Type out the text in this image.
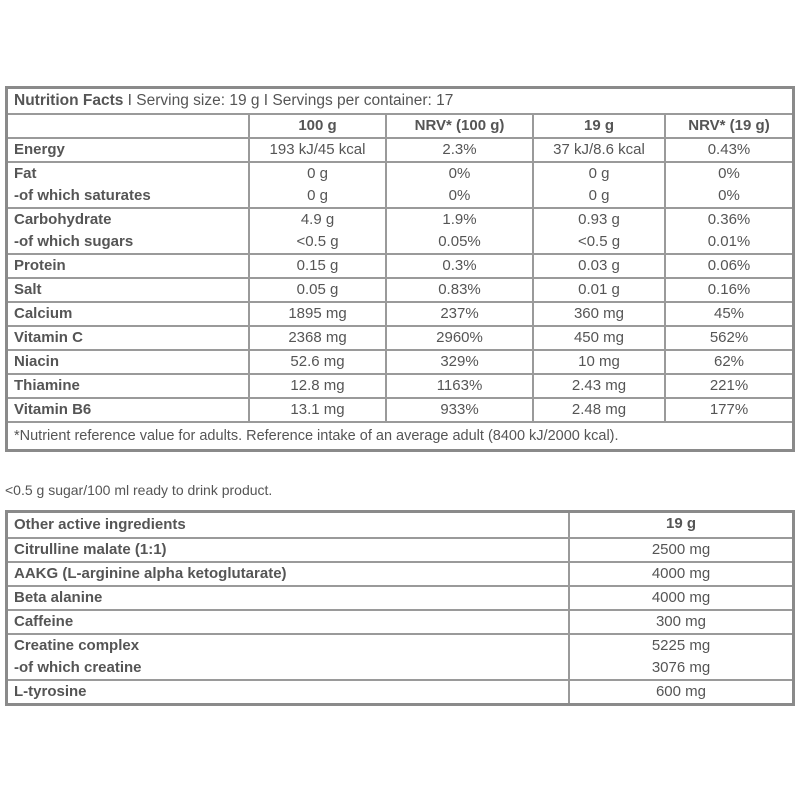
Nutrition Facts I Serving size: 19 g I Servings per container: 17				
	100 g	NRV* (100 g)	19 g	NRV* (19 g)
Energy	193 kJ/45 kcal	2.3%	37 kJ/8.6 kcal	0.43%
Fat	0 g	0%	0 g	0%
-of which saturates	0 g	0%	0 g	0%
Carbohydrate	4.9 g	1.9%	0.93 g	0.36%
-of which sugars	<0.5 g	0.05%	<0.5 g	0.01%
Protein	0.15 g	0.3%	0.03 g	0.06%
Salt	0.05 g	0.83%	0.01 g	0.16%
Calcium	1895 mg	237%	360 mg	45%
Vitamin C	2368 mg	2960%	450 mg	562%
Niacin	52.6 mg	329%	10 mg	62%
Thiamine	12.8 mg	1163%	2.43 mg	221%
Vitamin B6	13.1 mg	933%	2.48 mg	177%
*Nutrient reference value for adults. Reference intake of an average adult (8400 kJ/2000 kcal).				
<0.5 g sugar/100 ml ready to drink product.
Other active ingredients	19 g
Citrulline malate (1:1)	2500 mg
AAKG (L-arginine alpha ketoglutarate)	4000 mg
Beta alanine	4000 mg
Caffeine	300 mg
Creatine complex	5225 mg
-of which creatine	3076 mg
L-tyrosine	600 mg
